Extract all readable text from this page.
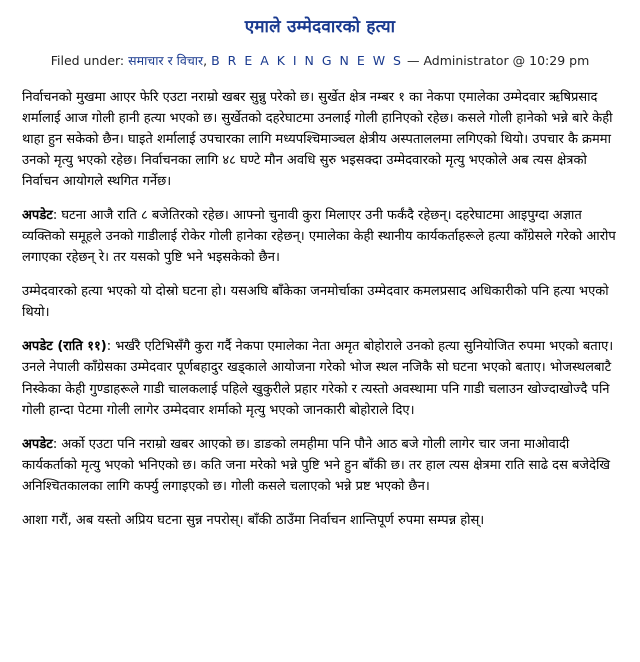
एमाले उम्मेदवारको हत्या
Filed under: समाचार र विचार, B R E A K I N G N E W S — Administrator @ 10:29 pm

निर्वाचनको मुखमा आएर फेरि एउटा नराम्रो खबर सुन्नु परेको छ। सुर्खेत क्षेत्र नम्बर १ का नेकपा एमालेका उम्मेदवार ऋषिप्रसाद शर्मालाई आज गोली हानी हत्या भएको छ। सुर्खेतको दहरेघाटमा उनलाई गोली हानिएको रहेछ। कसले गोली हानेको भन्ने बारे केही थाहा हुन सकेको छैन। घाइते शर्मालाई उपचारका लागि मध्यपश्चिमाञ्चल क्षेत्रीय अस्पताललमा लगिएको थियो। उपचार कै क्रममा उनको मृत्यु भएको रहेछ। निर्वाचनका लागि ४८ घण्टे मौन अवधि सुरु भइसक्दा उम्मेदवारको मृत्यु भएकोले अब त्यस क्षेत्रको निर्वाचन आयोगले स्थगित गर्नेछ।

अपडेट: घटना आजै राति ८ बजेतिरको रहेछ। आफ्नो चुनावी कुरा मिलाएर उनी फर्कंदै रहेछन्। दहरेघाटमा आइपुग्दा अज्ञात व्यक्तिको समूहले उनको गाडीलाई रोकेर गोली हानेका रहेछन्। एमालेका केही स्थानीय कार्यकर्ताहरूले हत्या काँग्रेसले गरेको आरोप लगाएका रहेछन् रे। तर यसको पुष्टि भने भइसकेको छैन।

उम्मेदवारको हत्या भएको यो दोस्रो घटना हो। यसअघि बाँकेका जनमोर्चाका उम्मेदवार कमलप्रसाद अधिकारीको पनि हत्या भएको थियो।

अपडेट (राति ११): भर्खरै एटिभिसँगै कुरा गर्दै नेकपा एमालेका नेता अमृत बोहोराले उनको हत्या सुनियोजित रुपमा भएको बताए। उनले नेपाली काँग्रेसका उम्मेदवार पूर्णबहादुर खड्काले आयोजना गरेको भोज स्थल नजिकै सो घटना भएको बताए। भोजस्थलबाटै निस्केका केही गुण्डाहरूले गाडी चालकलाई पहिले खुकुरीले प्रहार गरेको र त्यस्तो अवस्थामा पनि गाडी चलाउन खोज्दाखोज्दै पनि गोली हान्दा पेटमा गोली लागेर उम्मेदवार शर्माको मृत्यु भएको जानकारी बोहोराले दिए।

अपडेट: अर्को एउटा पनि नराम्रो खबर आएको छ। डाङको लमहीमा पनि पौने आठ बजे गोली लागेर चार जना माओवादी कार्यकर्ताको मृत्यु भएको भनिएको छ। कति जना मरेको भन्ने पुष्टि भने हुन बाँकी छ। तर हाल त्यस क्षेत्रमा राति साढे दस बजेदेखि अनिश्चितकालका लागि कर्फ्यु लगाइएको छ। गोली कसले चलाएको भन्ने प्रष्ट भएको छैन।

आशा गरौं, अब यस्तो अप्रिय घटना सुन्न नपरोस्। बाँकी ठाउँमा निर्वाचन शान्तिपूर्ण रुपमा सम्पन्न होस्।
